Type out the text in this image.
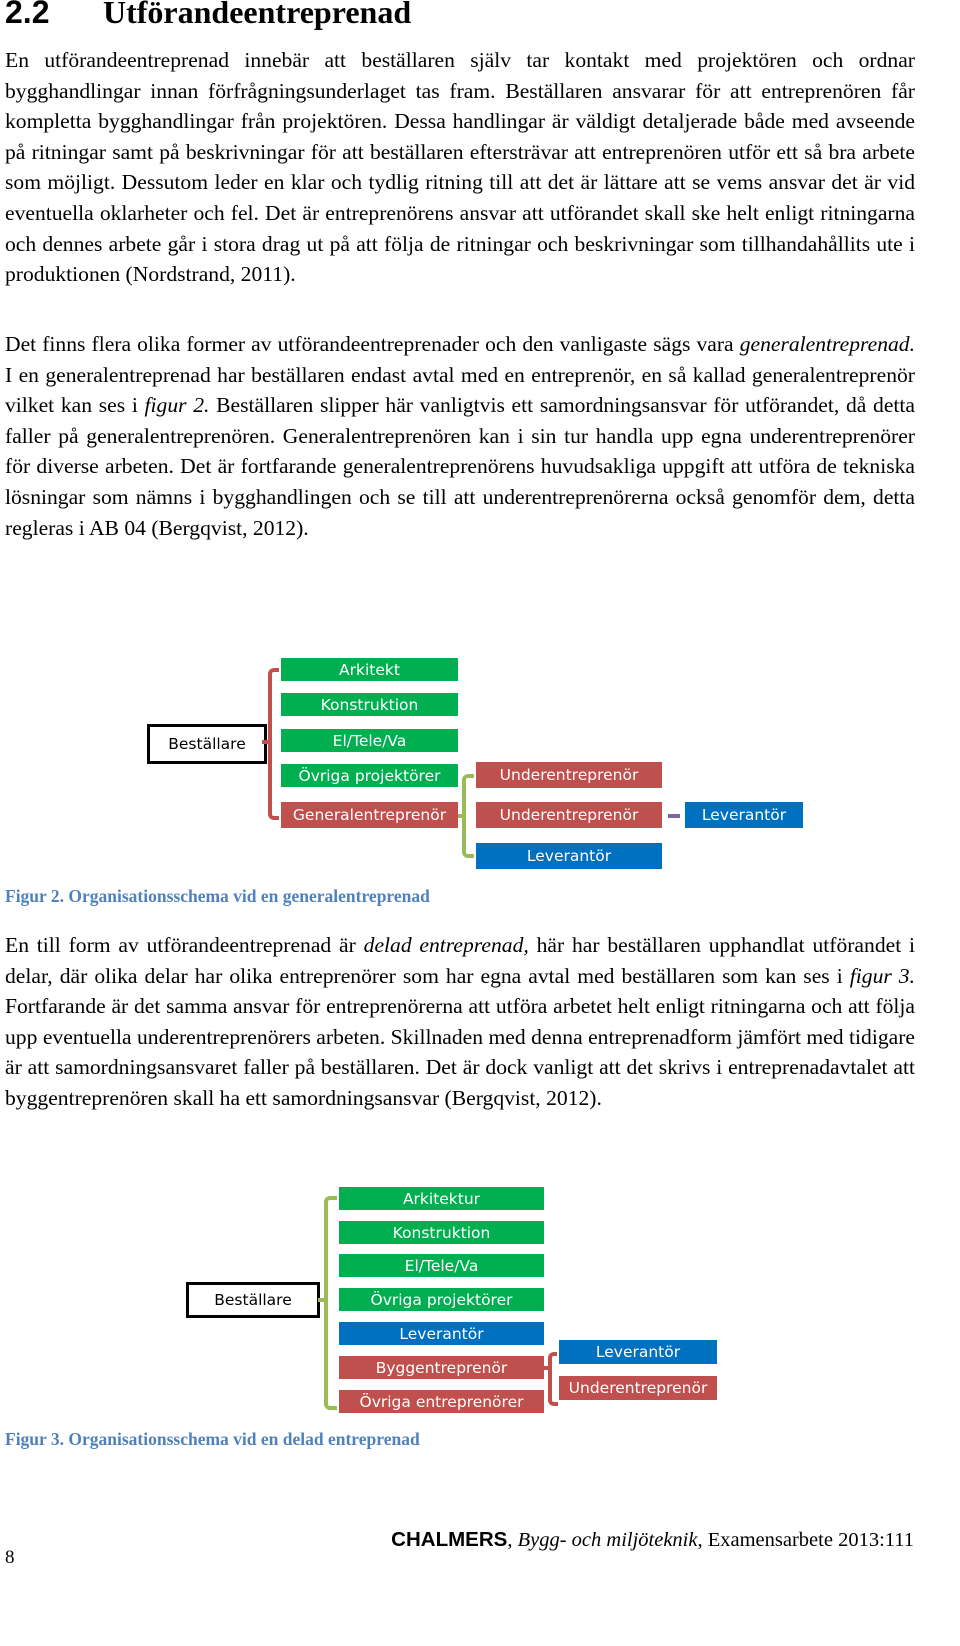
2.2 Utförandeentreprenad

En utförandeentreprenad innebär att beställaren själv tar kontakt med projektören och ordnar bygghandlingar innan förfrågningsunderlaget tas fram. Beställaren ansvarar för att entreprenören får kompletta bygghandlingar från projektören. Dessa handlingar är väldigt detaljerade både med avseende på ritningar samt på beskrivningar för att beställaren eftersträvar att entreprenören utför ett så bra arbete som möjligt. Dessutom leder en klar och tydlig ritning till att det är lättare att se vems ansvar det är vid eventuella oklarheter och fel. Det är entreprenörens ansvar att utförandet skall ske helt enligt ritningarna och dennes arbete går i stora drag ut på att följa de ritningar och beskrivningar som tillhandahållits ute i produktionen (Nordstrand, 2011).

Det finns flera olika former av utförandeentreprenader och den vanligaste sägs vara generalentreprenad. I en generalentreprenad har beställaren endast avtal med en entreprenör, en så kallad generalentreprenör vilket kan ses i figur 2. Beställaren slipper här vanligtvis ett samordningsansvar för utförandet, då detta faller på generalentreprenören. Generalentreprenören kan i sin tur handla upp egna underentreprenörer för diverse arbeten. Det är fortfarande generalentreprenörens huvudsakliga uppgift att utföra de tekniska lösningar som nämns i bygghandlingen och se till att underentreprenörerna också genomför dem, detta regleras i AB 04 (Bergqvist, 2012).

Beställare
Arkitekt
Konstruktion
El/Tele/Va
Övriga projektörer
Generalentreprenör
Underentreprenör
Underentreprenör
Leverantör
Leverantör

Figur 2. Organisationsschema vid en generalentreprenad

En till form av utförandeentreprenad är delad entreprenad, här har beställaren upphandlat utförandet i delar, där olika delar har olika entreprenörer som har egna avtal med beställaren som kan ses i figur 3. Fortfarande är det samma ansvar för entreprenörerna att utföra arbetet helt enligt ritningarna och att följa upp eventuella underentreprenörers arbeten. Skillnaden med denna entreprenadform jämfört med tidigare är att samordningsansvaret faller på beställaren. Det är dock vanligt att det skrivs i entreprenadavtalet att byggentreprenören skall ha ett samordningsansvar (Bergqvist, 2012).

Beställare
Arkitektur
Konstruktion
El/Tele/Va
Övriga projektörer
Leverantör
Byggentreprenör
Övriga entreprenörer
Leverantör
Underentreprenör

Figur 3. Organisationsschema vid en delad entreprenad

CHALMERS, Bygg- och miljöteknik, Examensarbete 2013:111
8
